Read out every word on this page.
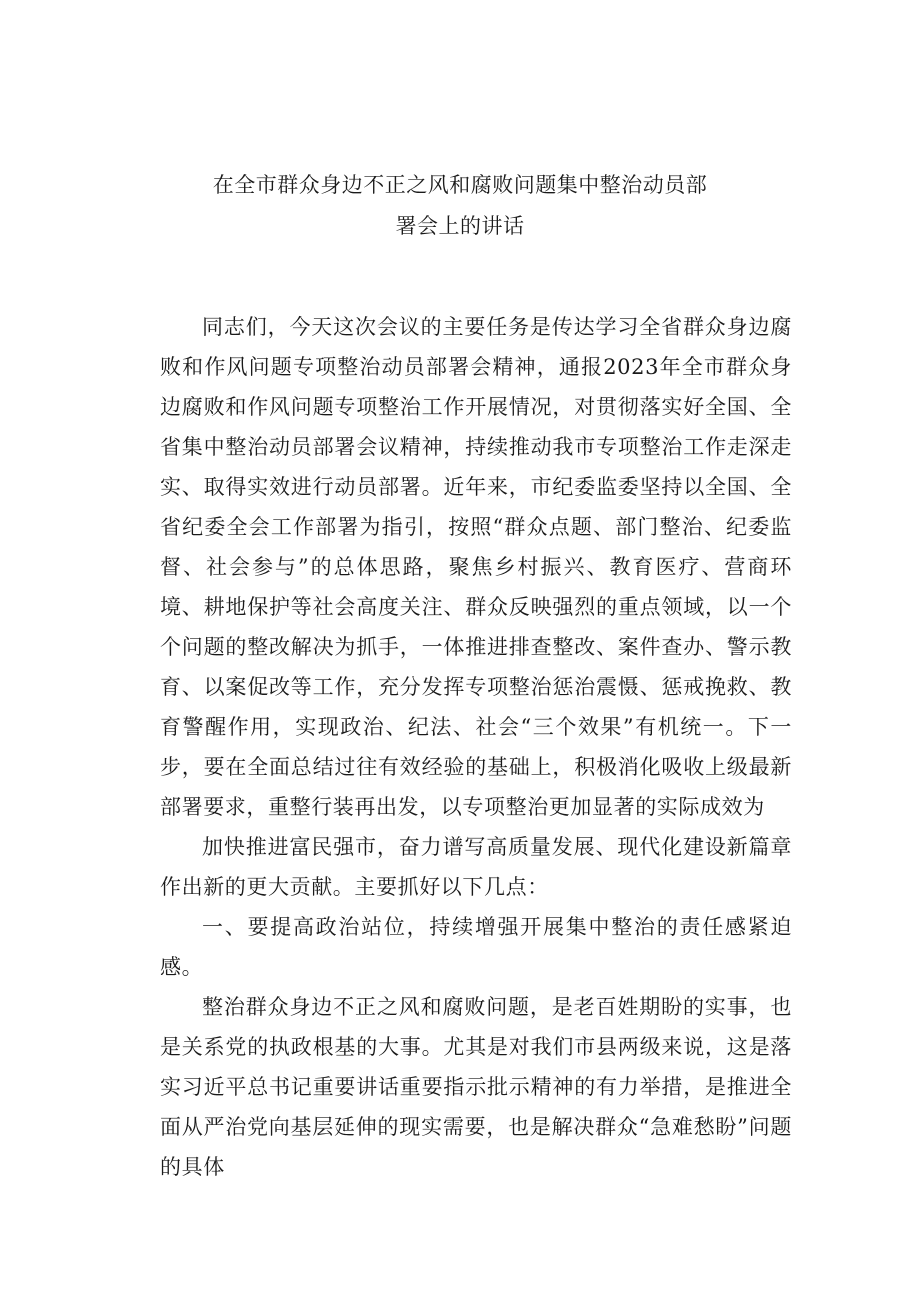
在全市群众身边不正之风和腐败问题集中整治动员部
署会上的讲话

同志们，今天这次会议的主要任务是传达学习全省群众身边腐败和作风问题专项整治动员部署会精神，通报2023年全市群众身边腐败和作风问题专项整治工作开展情况，对贯彻落实好全国、全省集中整治动员部署会议精神，持续推动我市专项整治工作走深走实、取得实效进行动员部署。近年来，市纪委监委坚持以全国、全省纪委全会工作部署为指引，按照“群众点题、部门整治、纪委监督、社会参与”的总体思路，聚焦乡村振兴、教育医疗、营商环境、耕地保护等社会高度关注、群众反映强烈的重点领域，以一个个问题的整改解决为抓手，一体推进排查整改、案件查办、警示教育、以案促改等工作，充分发挥专项整治惩治震慑、惩戒挽救、教育警醒作用，实现政治、纪法、社会“三个效果”有机统一。下一步，要在全面总结过往有效经验的基础上，积极消化吸收上级最新部署要求，重整行装再出发，以专项整治更加显著的实际成效为

加快推进富民强市，奋力谱写高质量发展、现代化建设新篇章作出新的更大贡献。主要抓好以下几点：

一、要提高政治站位，持续增强开展集中整治的责任感紧迫感。

整治群众身边不正之风和腐败问题，是老百姓期盼的实事，也是关系党的执政根基的大事。尤其是对我们市县两级来说，这是落实习近平总书记重要讲话重要指示批示精神的有力举措，是推进全面从严治党向基层延伸的现实需要，也是解决群众“急难愁盼”问题的具体
